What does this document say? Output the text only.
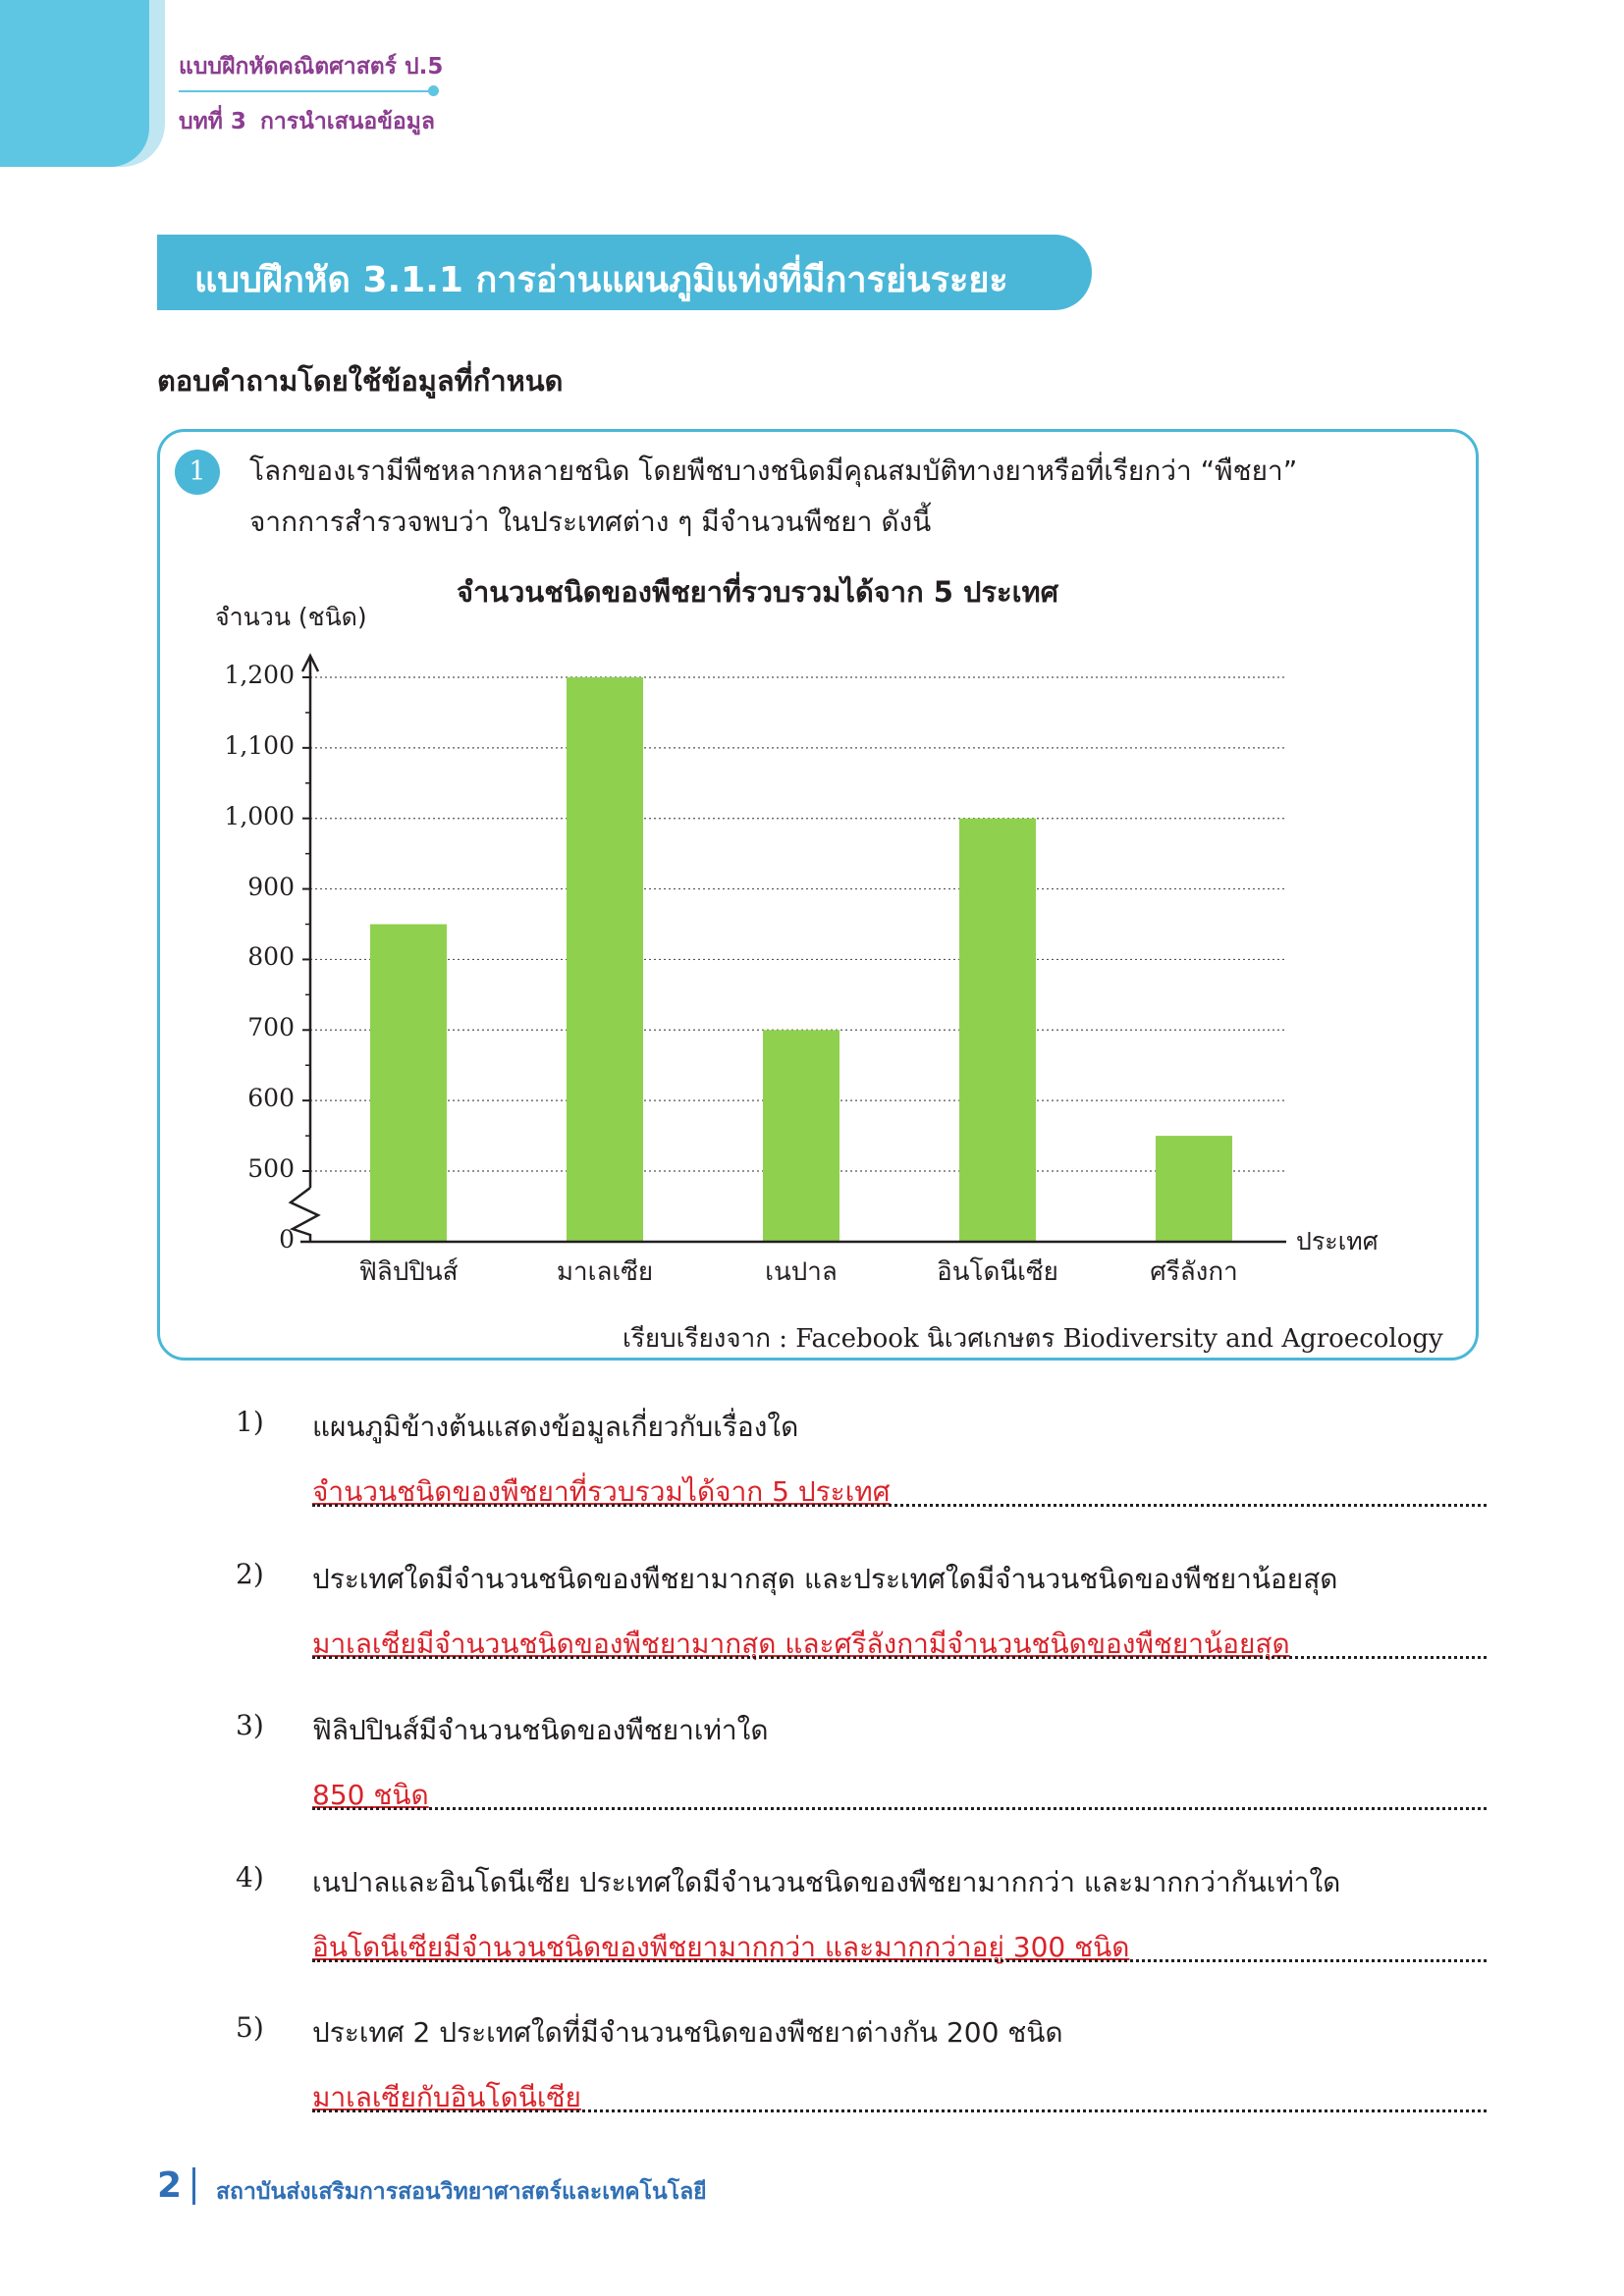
แบบฝึกหัดคณิตศาสตร์ ป.5
บทที่ 3 การนำเสนอข้อมูล
แบบฝึกหัด 3.1.1 การอ่านแผนภูมิแท่งที่มีการย่นระยะ
ตอบคำถามโดยใช้ข้อมูลที่กำหนด
1	โลกของเรามีพืชหลากหลายชนิด โดยพืชบางชนิดมีคุณสมบัติทางยาหรือที่เรียกว่า “พืชยา”
จากการสำรวจพบว่า ในประเทศต่าง ๆ มีจำนวนพืชยา ดังนี้
จำนวนชนิดของพืชยาที่รวบรวมได้จาก 5 ประเทศ
จำนวน (ชนิด)
ประเทศ
0
500
600
700
800
900
1,000
1,100
1,200
ฟิลิปปินส์	มาเลเซีย	เนปาล	อินโดนีเซีย	ศรีลังกา
เรียบเรียงจาก : Facebook นิเวศเกษตร Biodiversity and Agroecology
1) แผนภูมิข้างต้นแสดงข้อมูลเกี่ยวกับเรื่องใด
จำนวนชนิดของพืชยาที่รวบรวมได้จาก 5 ประเทศ
2) ประเทศใดมีจำนวนชนิดของพืชยามากสุด และประเทศใดมีจำนวนชนิดของพืชยาน้อยสุด
มาเลเซียมีจำนวนชนิดของพืชยามากสุด และศรีลังกามีจำนวนชนิดของพืชยาน้อยสุด
3) ฟิลิปปินส์มีจำนวนชนิดของพืชยาเท่าใด
850 ชนิด
4) เนปาลและอินโดนีเซีย ประเทศใดมีจำนวนชนิดของพืชยามากกว่า และมากกว่ากันเท่าใด
อินโดนีเซียมีจำนวนชนิดของพืชยามากกว่า และมากกว่าอยู่ 300 ชนิด
5) ประเทศ 2 ประเทศใดที่มีจำนวนชนิดของพืชยาต่างกัน 200 ชนิด
มาเลเซียกับอินโดนีเซีย
2 สถาบันส่งเสริมการสอนวิทยาศาสตร์และเทคโนโลยี
